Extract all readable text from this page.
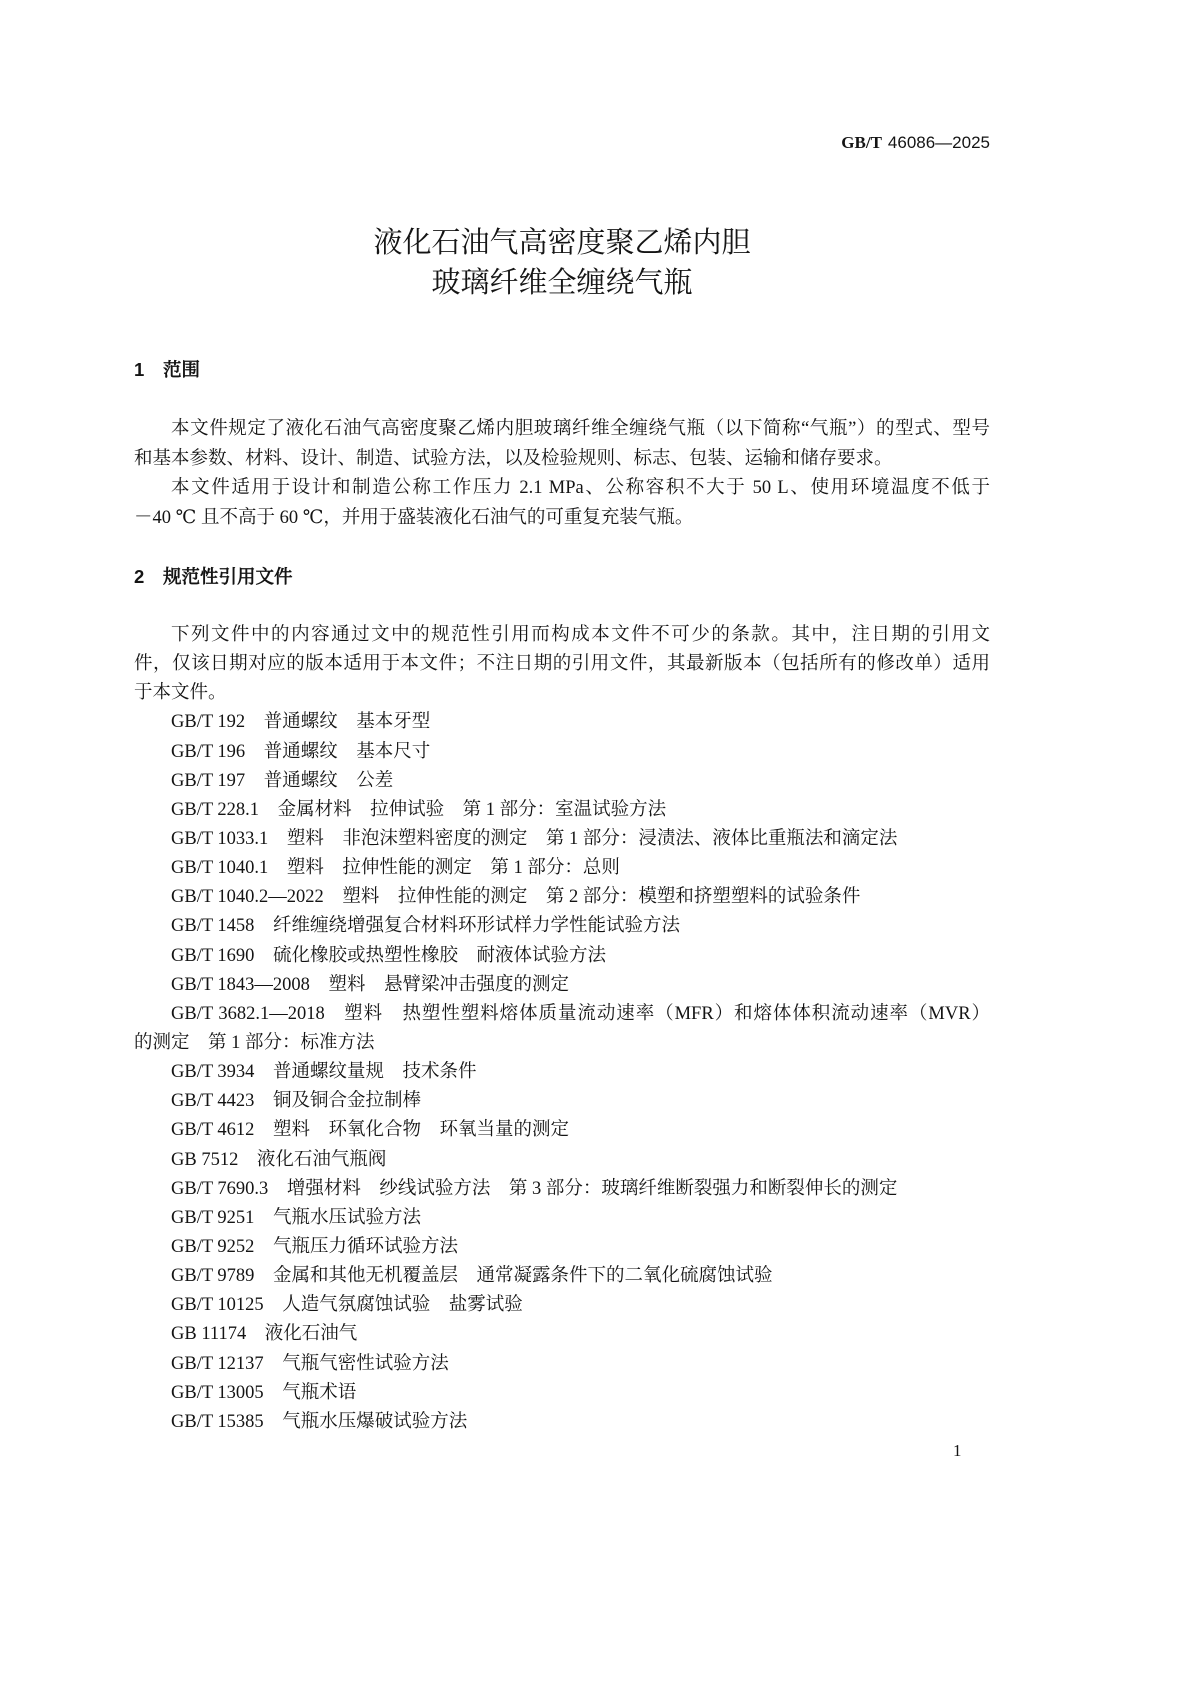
GB/T 46086—2025
液化石油气高密度聚乙烯内胆
玻璃纤维全缠绕气瓶
1 范围
本文件规定了液化石油气高密度聚乙烯内胆玻璃纤维全缠绕气瓶（以下简称“气瓶”）的型式、型号
和基本参数、材料、设计、制造、试验方法，以及检验规则、标志、包装、运输和储存要求。
本文件适用于设计和制造公称工作压力 2.1 MPa、公称容积不大于 50 L、使用环境温度不低于
－40 ℃ 且不高于 60 ℃，并用于盛装液化石油气的可重复充装气瓶。
2 规范性引用文件
下列文件中的内容通过文中的规范性引用而构成本文件不可少的条款。其中，注日期的引用文
件，仅该日期对应的版本适用于本文件；不注日期的引用文件，其最新版本（包括所有的修改单）适用
于本文件。
GB/T 192 普通螺纹　基本牙型
GB/T 196 普通螺纹　基本尺寸
GB/T 197 普通螺纹　公差
GB/T 228.1 金属材料　拉伸试验　第 1 部分：室温试验方法
GB/T 1033.1 塑料　非泡沫塑料密度的测定　第 1 部分：浸渍法、液体比重瓶法和滴定法
GB/T 1040.1 塑料　拉伸性能的测定　第 1 部分：总则
GB/T 1040.2—2022 塑料　拉伸性能的测定　第 2 部分：模塑和挤塑塑料的试验条件
GB/T 1458 纤维缠绕增强复合材料环形试样力学性能试验方法
GB/T 1690 硫化橡胶或热塑性橡胶　耐液体试验方法
GB/T 1843—2008 塑料　悬臂梁冲击强度的测定
GB/T 3682.1—2018 塑料　热塑性塑料熔体质量流动速率（MFR）和熔体体积流动速率（MVR）
的测定　第 1 部分：标准方法
GB/T 3934 普通螺纹量规　技术条件
GB/T 4423 铜及铜合金拉制棒
GB/T 4612 塑料　环氧化合物　环氧当量的测定
GB 7512 液化石油气瓶阀
GB/T 7690.3 增强材料　纱线试验方法　第 3 部分：玻璃纤维断裂强力和断裂伸长的测定
GB/T 9251 气瓶水压试验方法
GB/T 9252 气瓶压力循环试验方法
GB/T 9789 金属和其他无机覆盖层　通常凝露条件下的二氧化硫腐蚀试验
GB/T 10125 人造气氛腐蚀试验　盐雾试验
GB 11174 液化石油气
GB/T 12137 气瓶气密性试验方法
GB/T 13005 气瓶术语
GB/T 15385 气瓶水压爆破试验方法
1
